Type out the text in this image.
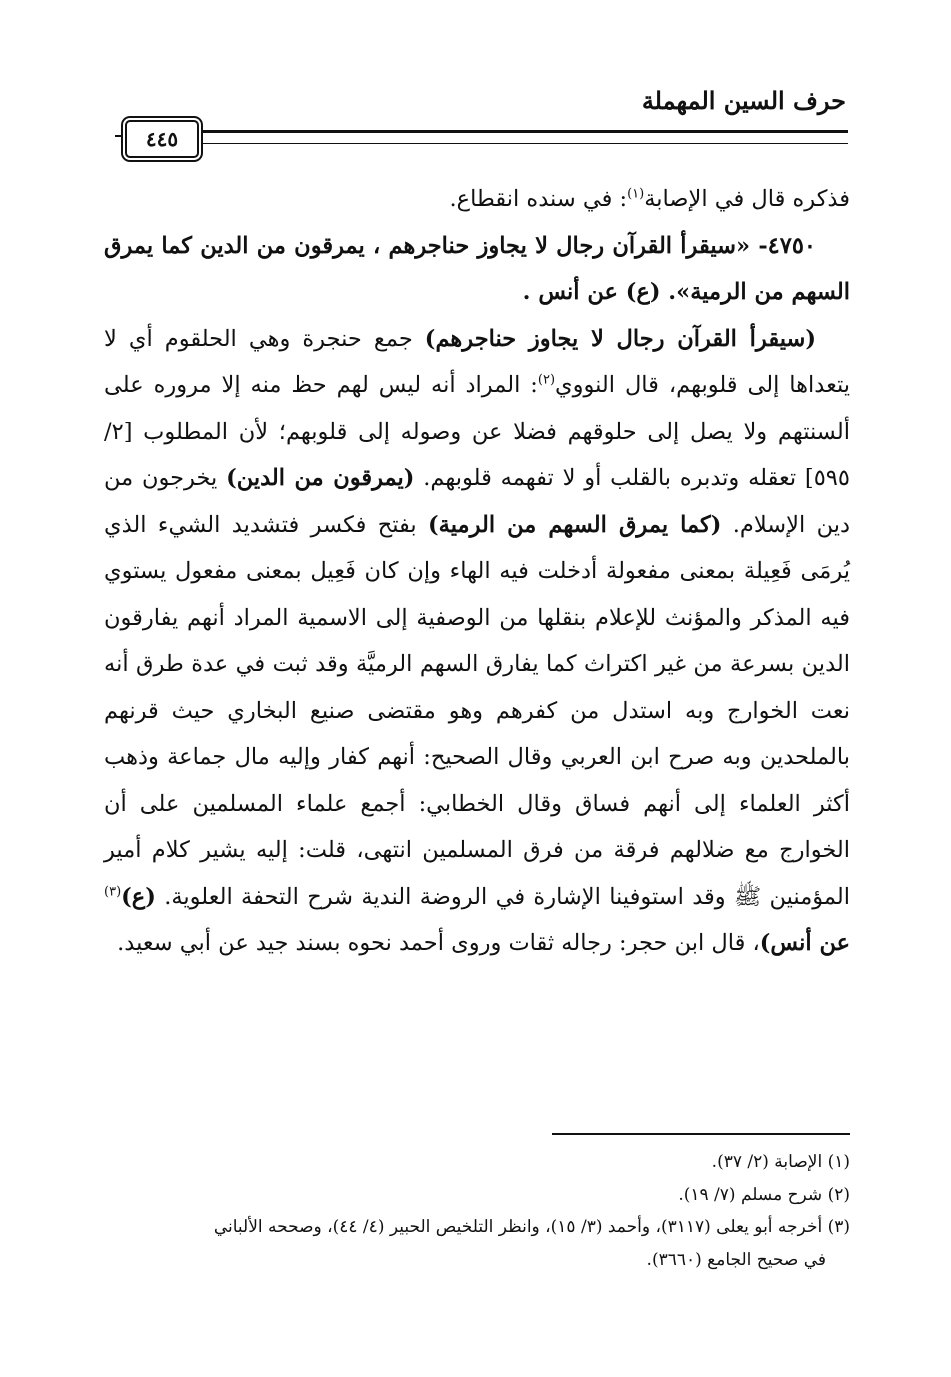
حرف السين المهملة
٤٤٥

فذكره قال في الإصابة$^{(١)}$: في سنده انقطاع.

٤٧٥٠- «سيقرأ القرآن رجال لا يجاوز حناجرهم ، يمرقون من الدين كما يمرق السهم من الرمية». (ع) عن أنس .

(سيقرأ القرآن رجال لا يجاوز حناجرهم) جمع حنجرة وهي الحلقوم أي لا يتعداها إلى قلوبهم، قال النووي$^{(٢)}$: المراد أنه ليس لهم حظ منه إلا مروره على ألسنتهم ولا يصل إلى حلوقهم فضلا عن وصوله إلى قلوبهم؛ لأن المطلوب [٢/ ٥٩٥] تعقله وتدبره بالقلب أو لا تفهمه قلوبهم. (يمرقون من الدين) يخرجون من دين الإسلام. (كما يمرق السهم من الرمية) بفتح فكسر فتشديد الشيء الذي يُرمَى فَعِيلة بمعنى مفعولة أدخلت فيه الهاء وإن كان فَعِيل بمعنى مفعول يستوي فيه المذكر والمؤنث للإعلام بنقلها من الوصفية إلى الاسمية المراد أنهم يفارقون الدين بسرعة من غير اكتراث كما يفارق السهم الرميَّة وقد ثبت في عدة طرق أنه نعت الخوارج وبه استدل من كفرهم وهو مقتضى صنيع البخاري حيث قرنهم بالملحدين وبه صرح ابن العربي وقال الصحيح: أنهم كفار وإليه مال جماعة وذهب أكثر العلماء إلى أنهم فساق وقال الخطابي: أجمع علماء المسلمين على أن الخوارج مع ضلالهم فرقة من فرق المسلمين انتهى، قلت: إليه يشير كلام أمير المؤمنين ﷺ وقد استوفينا الإشارة في الروضة الندية شرح التحفة العلوية. (ع)$^{(٣)}$ عن أنس)، قال ابن حجر: رجاله ثقات وروى أحمد نحوه بسند جيد عن أبي سعيد.

(١) الإصابة (٢/ ٣٧).
(٢) شرح مسلم (٧/ ١٩).
(٣) أخرجه أبو يعلى (٣١١٧)، وأحمد (٣/ ١٥)، وانظر التلخيص الحبير (٤/ ٤٤)، وصححه الألباني
في صحيح الجامع (٣٦٦٠).
